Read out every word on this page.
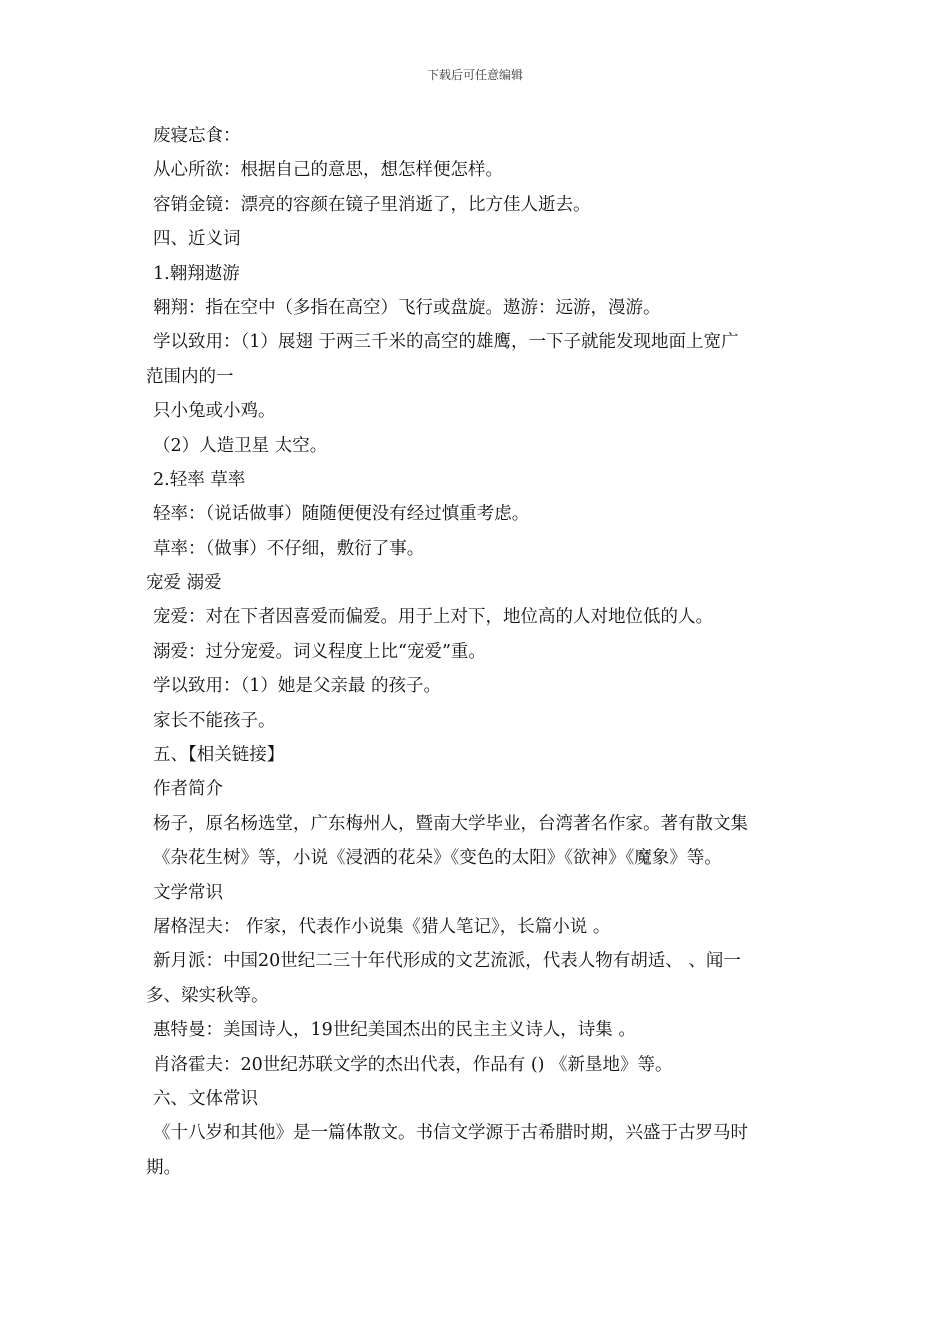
下载后可任意编辑
废寝忘食：
从心所欲：根据自己的意思，想怎样便怎样。
容销金镜：漂亮的容颜在镜子里消逝了，比方佳人逝去。
四、近义词
1.翱翔遨游
翱翔：指在空中（多指在高空）飞行或盘旋。遨游：远游，漫游。
学以致用：（1）展翅 于两三千米的高空的雄鹰，一下子就能发现地面上宽广
范围内的一
只小兔或小鸡。
（2）人造卫星 太空。
2.轻率 草率
轻率：（说话做事）随随便便没有经过慎重考虑。
草率：（做事）不仔细，敷衍了事。
宠爱 溺爱
宠爱：对在下者因喜爱而偏爱。用于上对下，地位高的人对地位低的人。
溺爱：过分宠爱。词义程度上比“宠爱”重。
学以致用：（1）她是父亲最 的孩子。
家长不能孩子。
五、【相关链接】
作者简介
杨子，原名杨选堂，广东梅州人，暨南大学毕业，台湾著名作家。著有散文集
《杂花生树》等，小说《浸洒的花朵》《变色的太阳》《欲神》《魔象》等。
文学常识
屠格涅夫： 作家，代表作小说集《猎人笔记》，长篇小说 。
新月派：中国20世纪二三十年代形成的文艺流派，代表人物有胡适、 、闻一
多、梁实秋等。
惠特曼：美国诗人，19世纪美国杰出的民主主义诗人，诗集 。
肖洛霍夫：20世纪苏联文学的杰出代表，作品有 () 《新垦地》等。
六、文体常识
《十八岁和其他》是一篇体散文。书信文学源于古希腊时期，兴盛于古罗马时
期。
